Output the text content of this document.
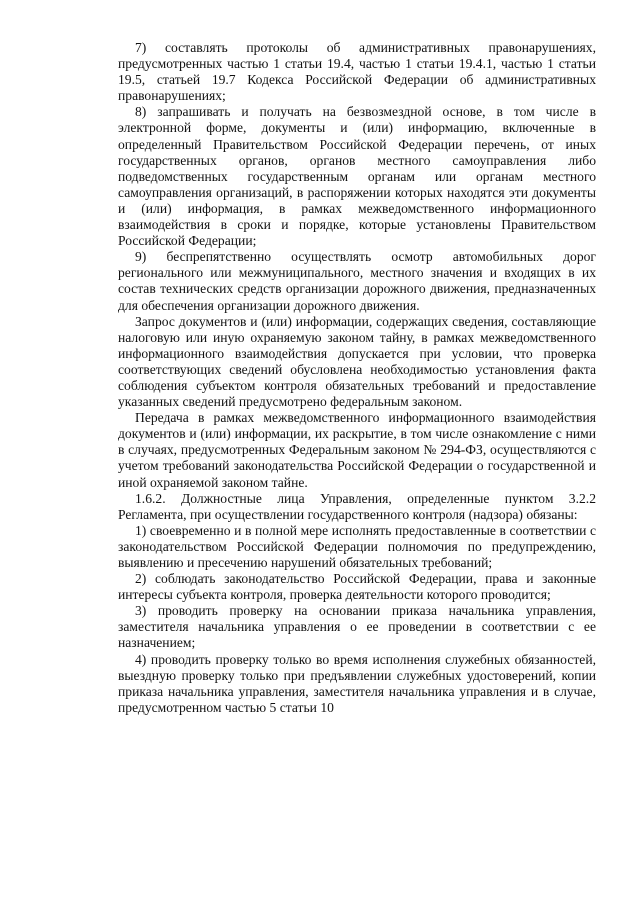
7) составлять протоколы об административных правонарушениях, предусмотренных частью 1 статьи 19.4, частью 1 статьи 19.4.1, частью 1 статьи 19.5, статьей 19.7 Кодекса Российской Федерации об административных правонарушениях;

8) запрашивать и получать на безвозмездной основе, в том числе в электронной форме, документы и (или) информацию, включенные в определенный Правительством Российской Федерации перечень, от иных государственных органов, органов местного самоуправления либо подведомственных государственным органам или органам местного самоуправления организаций, в распоряжении которых находятся эти документы и (или) информация, в рамках межведомственного информационного взаимодействия в сроки и порядке, которые установлены Правительством Российской Федерации;

9) беспрепятственно осуществлять осмотр автомобильных дорог регионального или межмуниципального, местного значения и входящих в их состав технических средств организации дорожного движения, предназначенных для обеспечения организации дорожного движения.

Запрос документов и (или) информации, содержащих сведения, составляющие налоговую или иную охраняемую законом тайну, в рамках межведомственного информационного взаимодействия допускается при условии, что проверка соответствующих сведений обусловлена необходимостью установления факта соблюдения субъектом контроля обязательных требований и предоставление указанных сведений предусмотрено федеральным законом.

Передача в рамках межведомственного информационного взаимодействия документов и (или) информации, их раскрытие, в том числе ознакомление с ними в случаях, предусмотренных Федеральным законом № 294-ФЗ, осуществляются с учетом требований законодательства Российской Федерации о государственной и иной охраняемой законом тайне.

1.6.2. Должностные лица Управления, определенные пунктом 3.2.2 Регламента, при осуществлении государственного контроля (надзора) обязаны:

1) своевременно и в полной мере исполнять предоставленные в соответствии с законодательством Российской Федерации полномочия по предупреждению, выявлению и пресечению нарушений обязательных требований;

2) соблюдать законодательство Российской Федерации, права и законные интересы субъекта контроля, проверка деятельности которого проводится;

3) проводить проверку на основании приказа начальника управления, заместителя начальника управления о ее проведении в соответствии с ее назначением;

4) проводить проверку только во время исполнения служебных обязанностей, выездную проверку только при предъявлении служебных удостоверений, копии приказа начальника управления, заместителя начальника управления и в случае, предусмотренном частью 5 статьи 10
